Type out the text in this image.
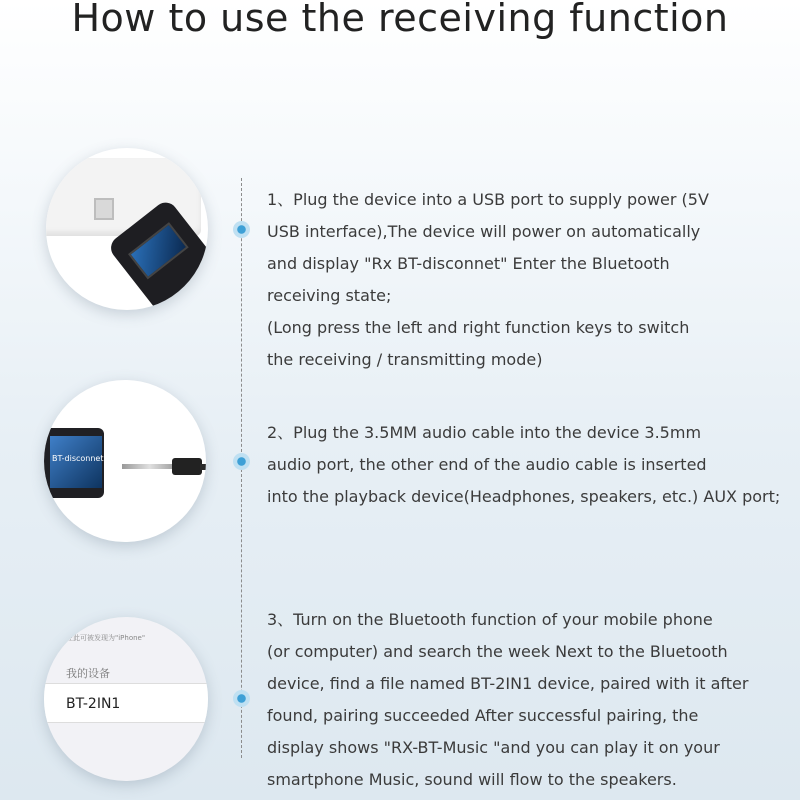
How to use the receiving function
BT-disconnet
在此可被发现为"iPhone"
我的设备
BT-2IN1

1、Plug the device into a USB port to supply power (5V

USB interface),The device will power on automatically

and display "Rx BT-disconnet" Enter the Bluetooth

receiving state;

(Long press the left and right function keys to switch

the receiving / transmitting mode)

2、Plug the 3.5MM audio cable into the device 3.5mm

audio port, the other end of the audio cable is inserted

into the playback device(Headphones, speakers, etc.) AUX port;

3、Turn on the Bluetooth function of your mobile phone

(or computer) and search the week Next to the Bluetooth

device, find a file named BT-2IN1 device, paired with it after

found, pairing succeeded After successful pairing, the

display shows "RX-BT-Music "and you can play it on your

smartphone Music, sound will flow to the speakers.
